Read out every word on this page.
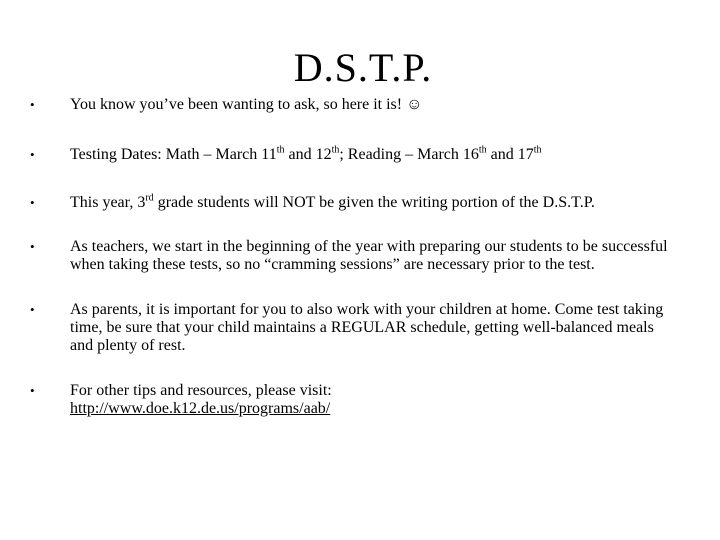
D.S.T.P.
• You know you’ve been wanting to ask, so here it is! ☺
• Testing Dates: Math – March 11th and 12th; Reading – March 16th and 17th
• This year, 3rd grade students will NOT be given the writing portion of the D.S.T.P.
• As teachers, we start in the beginning of the year with preparing our students to be successful when taking these tests, so no “cramming sessions” are necessary prior to the test.
• As parents, it is important for you to also work with your children at home. Come test taking time, be sure that your child maintains a REGULAR schedule, getting well-balanced meals and plenty of rest.
• For other tips and resources, please visit:
http://www.doe.k12.de.us/programs/aab/
